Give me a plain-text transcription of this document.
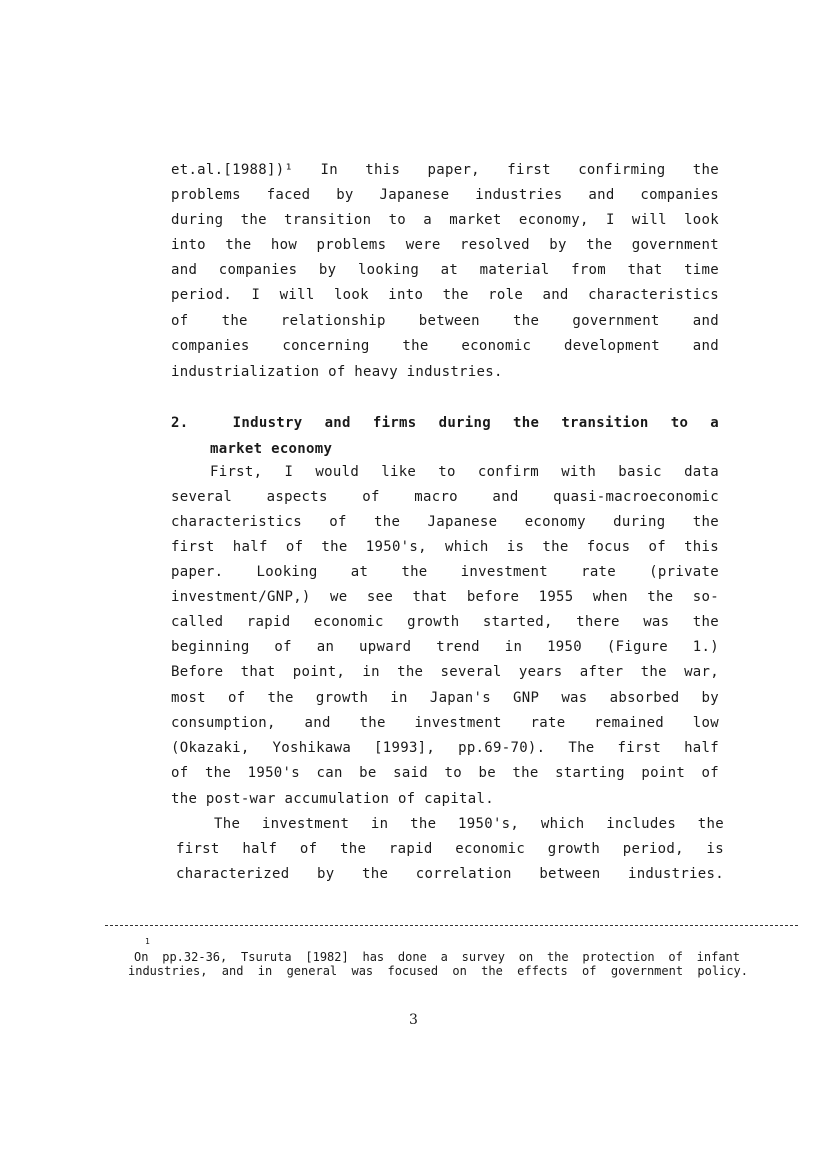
et.al.[1988])¹ In this paper, first confirming the
problems faced by Japanese industries and companies
during the transition to a market economy, I will look
into the how problems were resolved by the government
and companies by looking at material from that time
period. I will look into the role and characteristics
of the relationship between the government and
companies concerning the economic development and
industrialization of heavy industries.
2.	Industry and firms during the transition to a
market economy
First, I would like to confirm with basic data
several aspects of macro and quasi-macroeconomic
characteristics of the Japanese economy during the
first half of the 1950's, which is the focus of this
paper. Looking at the investment rate (private
investment/GNP,) we see that before 1955 when the so-
called rapid economic growth started, there was the
beginning of an upward trend in 1950 (Figure 1.)
Before that point, in the several years after the war,
most of the growth in Japan's GNP was absorbed by
consumption, and the investment rate remained low
(Okazaki, Yoshikawa [1993], pp.69-70). The first half
of the 1950's can be said to be the starting point of
the post-war accumulation of capital.
The investment in the 1950's, which includes the
first half of the rapid economic growth period, is
characterized by the correlation between industries.
1
On pp.32-36, Tsuruta [1982] has done a survey on the protection of infant
industries, and in general was focused on the effects of government policy.
3
